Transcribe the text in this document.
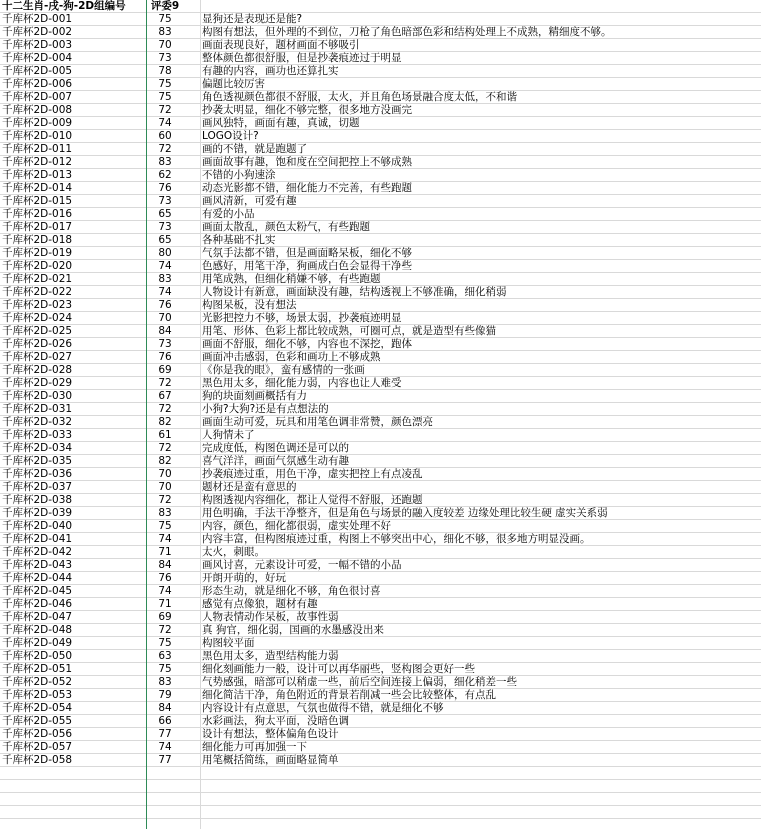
十二生肖-戌-狗-2D组编号	评委9
千库杯2D-001	75	显狗还是表现还是能?
千库杯2D-002	83	构图有想法，但外理的不到位，刀枪了角色暗部色彩和结构处理上不成熟，精细度不够。
千库杯2D-003	70	画面表现良好，题材画面不够吸引
千库杯2D-004	73	整体颜色都很舒服，但是抄袭痕迹过于明显
千库杯2D-005	78	有趣的内容，画功也还算扎实
千库杯2D-006	75	偏题比较厉害
千库杯2D-007	75	角色透视颜色都很不舒服，太火，并且角色场景融合度太低，不和谐
千库杯2D-008	72	抄袭太明显，细化不够完整，很多地方没画完
千库杯2D-009	74	画风独特，画面有趣，真诚，切题
千库杯2D-010	60	LOGO设计?
千库杯2D-011	72	画的不错，就是跑题了
千库杯2D-012	83	画面故事有趣，饱和度在空间把控上不够成熟
千库杯2D-013	62	不错的小狗速涂
千库杯2D-014	76	动态光影都不错，细化能力不完善，有些跑题
千库杯2D-015	73	画风清新，可爱有趣
千库杯2D-016	65	有爱的小品
千库杯2D-017	73	画面太散乱，颜色太粉气，有些跑题
千库杯2D-018	65	各种基础不扎实
千库杯2D-019	80	气氛手法都不错，但是画面略呆板，细化不够
千库杯2D-020	74	色感好，用笔干净，狗画成白色会显得干净些
千库杯2D-021	83	用笔成熟，但细化稍嫌不够，有些跑题
千库杯2D-022	74	人物设计有新意，画面缺没有趣，结构透视上不够准确，细化稍弱
千库杯2D-023	76	构图呆板，没有想法
千库杯2D-024	70	光影把控力不够，场景太弱，抄袭痕迹明显
千库杯2D-025	84	用笔、形体、色彩上都比较成熟，可圈可点，就是造型有些像猫
千库杯2D-026	73	画面不舒服，细化不够，内容也不深挖，跑体
千库杯2D-027	76	画面冲击感弱，色彩和画功上不够成熟
千库杯2D-028	69	《你是我的眼》，蛮有感情的一张画
千库杯2D-029	72	黑色用太多，细化能力弱，内容也让人难受
千库杯2D-030	67	狗的块面刻画概括有力
千库杯2D-031	72	小狗?大狗?还是有点想法的
千库杯2D-032	82	画面生动可爱，玩具和用笔色调非常赞，颜色漂亮
千库杯2D-033	61	人狗情未了
千库杯2D-034	72	完成度低，构图色调还是可以的
千库杯2D-035	82	喜气洋洋，画面气氛感生动有趣
千库杯2D-036	70	抄袭痕迹过重，用色干净，虚实把控上有点凌乱
千库杯2D-037	70	题材还是蛮有意思的
千库杯2D-038	72	构图透视内容细化，都让人觉得不舒服，还跑题
千库杯2D-039	83	用色明确，手法干净整齐，但是角色与场景的融入度较差 边缘处理比较生硬 虚实关系弱
千库杯2D-040	75	内容，颜色，细化都很弱，虚实处理不好
千库杯2D-041	74	内容丰富，但构图痕迹过重，构图上不够突出中心，细化不够，很多地方明显没画。
千库杯2D-042	71	太火，刺眼。
千库杯2D-043	84	画风讨喜，元素设计可爱，一幅不错的小品
千库杯2D-044	76	开朗开萌的，好玩
千库杯2D-045	74	形态生动，就是细化不够，角色很讨喜
千库杯2D-046	71	感觉有点像狼，题材有趣
千库杯2D-047	69	人物表情动作呆板，故事性弱
千库杯2D-048	72	真 狗官，细化弱，国画的水墨感没出来
千库杯2D-049	75	构图较平面
千库杯2D-050	63	黑色用太多，造型结构能力弱
千库杯2D-051	75	细化刻画能力一般，设计可以再华丽些，竖构图会更好一些
千库杯2D-052	83	气势感强，暗部可以稍虚一些，前后空间连接上偏弱，细化稍差一些
千库杯2D-053	79	细化简洁干净，角色附近的背景若削减一些会比较整体，有点乱
千库杯2D-054	84	内容设计有点意思，气氛也做得不错，就是细化不够
千库杯2D-055	66	水彩画法，狗太平面，没暗色调
千库杯2D-056	77	设计有想法，整体偏角色设计
千库杯2D-057	74	细化能力可再加强一下
千库杯2D-058	77	用笔概括简练，画面略显简单
